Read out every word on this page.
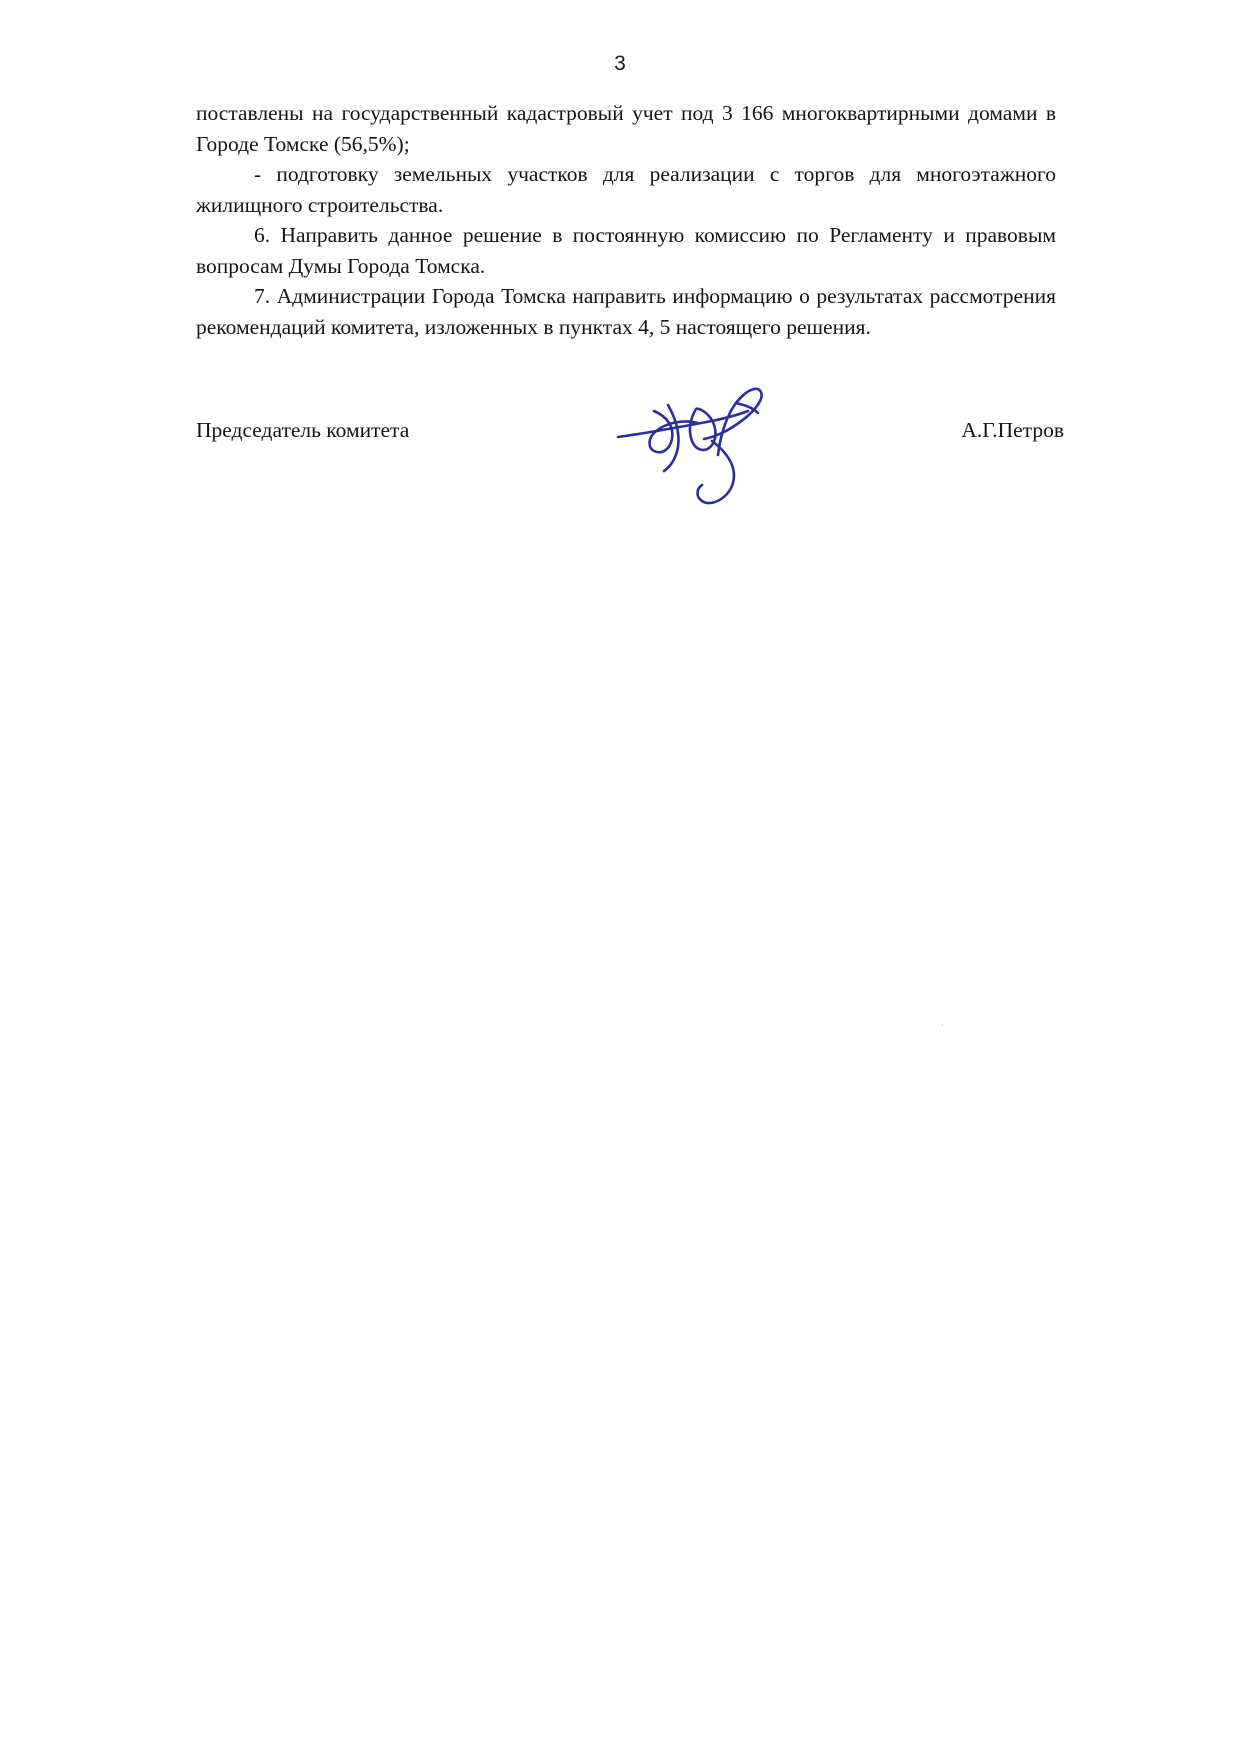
3

поставлены на государственный кадастровый учет под 3 166 многоквартирными домами в Городе Томске (56,5%);

- подготовку земельных участков для реализации с торгов для многоэтажного жилищного строительства.

6. Направить данное решение в постоянную комиссию по Регламенту и правовым вопросам Думы Города Томска.

7. Администрации Города Томска направить информацию о результатах рассмотрения рекомендаций комитета, изложенных в пунктах 4, 5 настоящего решения.

Председатель комитета	А.Г.Петров
·
